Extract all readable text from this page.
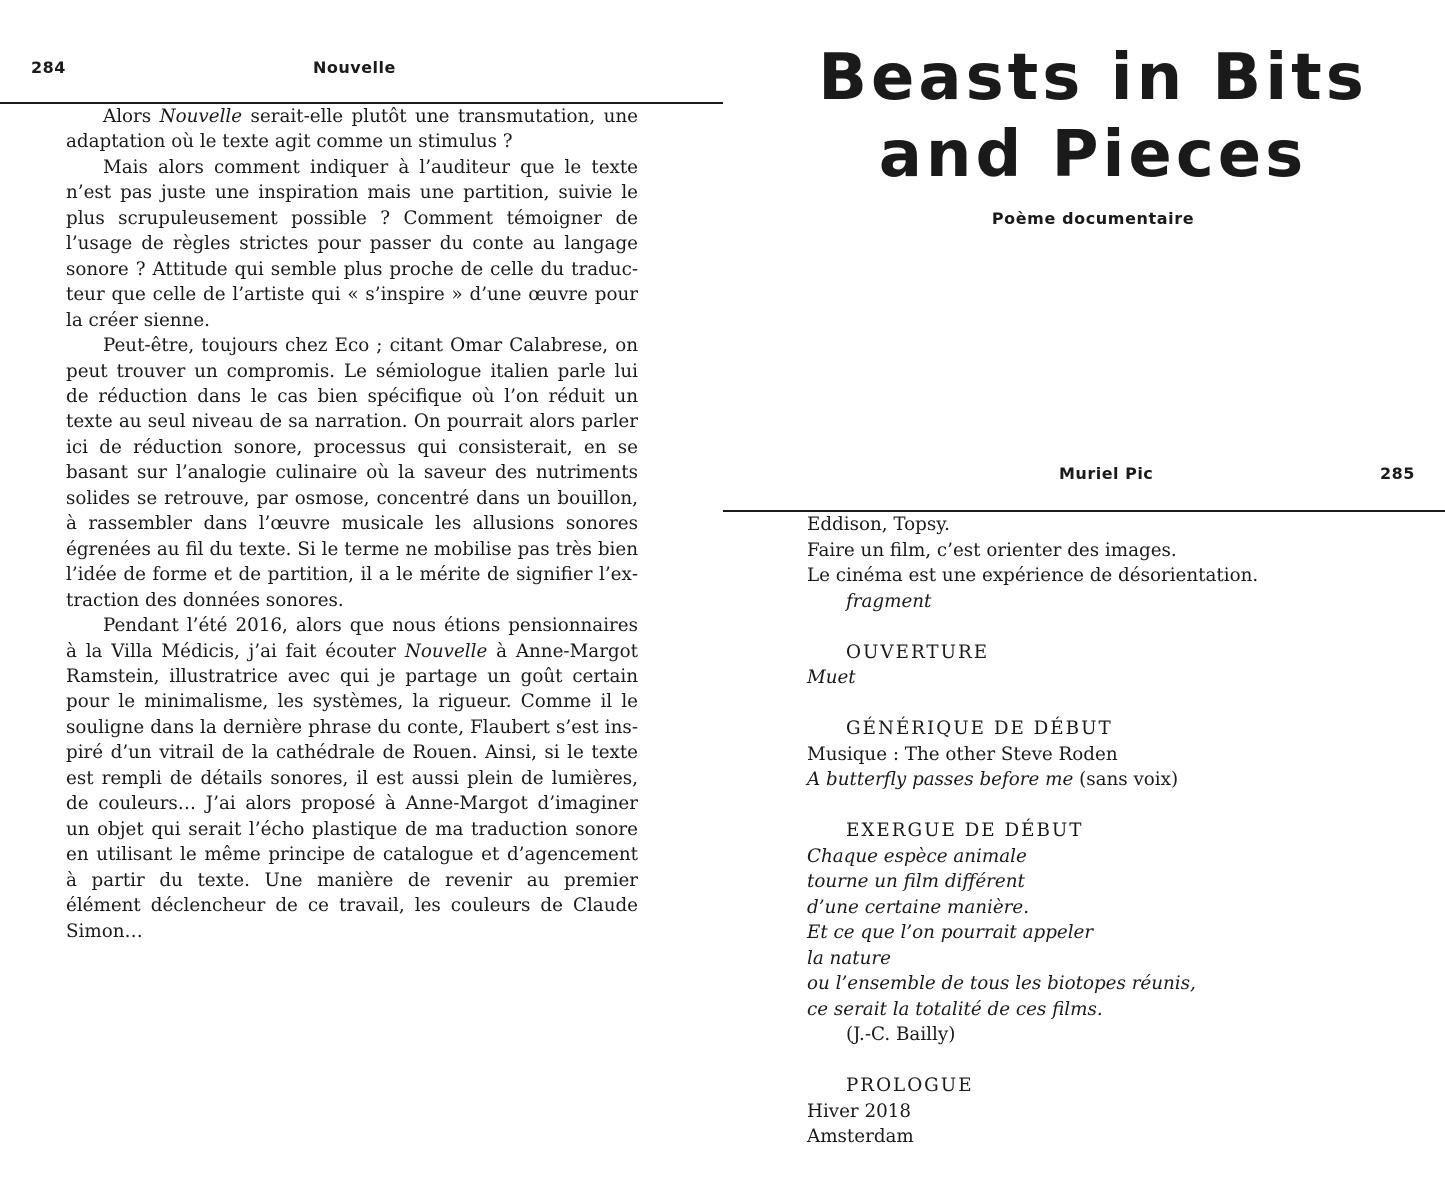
284	Nouvelle

Alors Nouvelle serait-elle plutôt une transmutation, une adaptation où le texte agit comme un stimulus ?

Mais alors comment indiquer à l’auditeur que le texte n’est pas juste une inspiration mais une partition, suivie le plus scrupuleusement possible ? Comment témoigner de l’usage de règles strictes pour passer du conte au langage sonore ? Attitude qui semble plus proche de celle du traducteur que celle de l’artiste qui « s’inspire » d’une œuvre pour la créer sienne.

Peut-être, toujours chez Eco ; citant Omar Calabrese, on peut trouver un compromis. Le sémiologue italien parle lui de réduction dans le cas bien spécifique où l’on réduit un texte au seul niveau de sa narration. On pourrait alors parler ici de réduction sonore, processus qui consisterait, en se basant sur l’analogie culinaire où la saveur des nutriments solides se retrouve, par osmose, concentré dans un bouillon, à rassembler dans l’œuvre musicale les allusions sonores égrenées au fil du texte. Si le terme ne mobilise pas très bien l’idée de forme et de partition, il a le mérite de signifier l’extraction des données sonores.

Pendant l’été 2016, alors que nous étions pensionnaires à la Villa Médicis, j’ai fait écouter Nouvelle à Anne-Margot Ramstein, illustratrice avec qui je partage un goût certain pour le minimalisme, les systèmes, la rigueur. Comme il le souligne dans la dernière phrase du conte, Flaubert s’est inspiré d’un vitrail de la cathédrale de Rouen. Ainsi, si le texte est rempli de détails sonores, il est aussi plein de lumières, de couleurs… J’ai alors proposé à Anne-Margot d’imaginer un objet qui serait l’écho plastique de ma traduction sonore en utilisant le même principe de catalogue et d’agencement à partir du texte. Une manière de revenir au premier élément déclencheur de ce travail, les couleurs de Claude Simon…

Beasts in Bits
and Pieces
Poème documentaire
Muriel Pic	285
Eddison, Topsy.
Faire un film, c’est orienter des images.
Le cinéma est une expérience de désorientation.
fragment
OUVERTURE
Muet
GÉNÉRIQUE DE DÉBUT
Musique : The other Steve Roden
A butterfly passes before me (sans voix)
EXERGUE DE DÉBUT
Chaque espèce animale
tourne un film différent
d’une certaine manière.
Et ce que l’on pourrait appeler
la nature
ou l’ensemble de tous les biotopes réunis,
ce serait la totalité de ces films.
(J.-C. Bailly)
PROLOGUE
Hiver 2018
Amsterdam
